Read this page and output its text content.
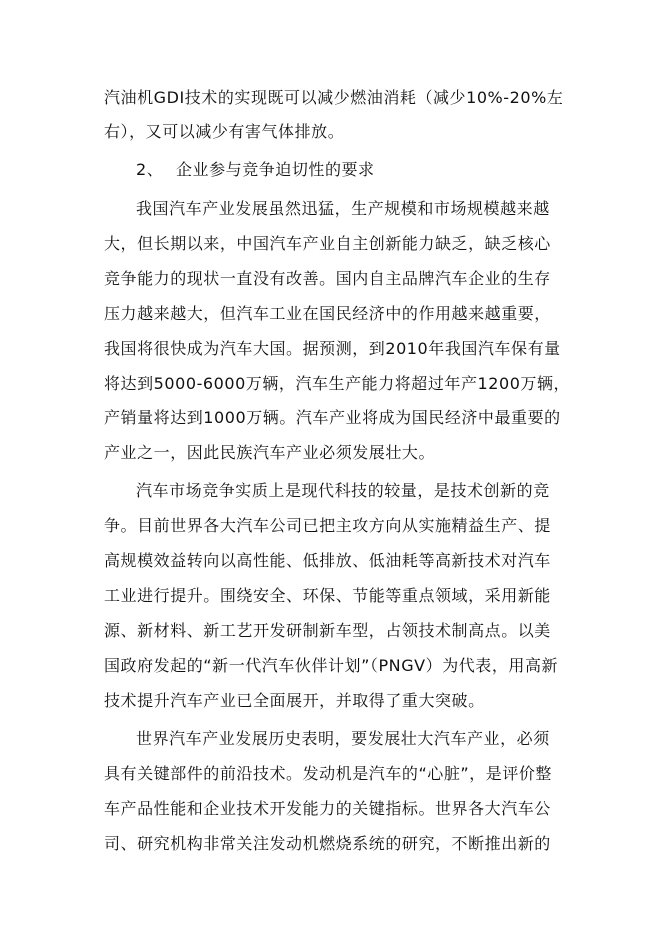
汽油机GDI技术的实现既可以减少燃油消耗（减少10%-20%左
右），又可以减少有害气体排放。
2、 企业参与竞争迫切性的要求
我国汽车产业发展虽然迅猛，生产规模和市场规模越来越
大，但长期以来，中国汽车产业自主创新能力缺乏，缺乏核心
竞争能力的现状一直没有改善。国内自主品牌汽车企业的生存
压力越来越大，但汽车工业在国民经济中的作用越来越重要，
我国将很快成为汽车大国。据预测，到2010年我国汽车保有量
将达到5000-6000万辆，汽车生产能力将超过年产1200万辆，
产销量将达到1000万辆。汽车产业将成为国民经济中最重要的
产业之一，因此民族汽车产业必须发展壮大。
汽车市场竞争实质上是现代科技的较量，是技术创新的竞
争。目前世界各大汽车公司已把主攻方向从实施精益生产、提
高规模效益转向以高性能、低排放、低油耗等高新技术对汽车
工业进行提升。围绕安全、环保、节能等重点领域，采用新能
源、新材料、新工艺开发研制新车型，占领技术制高点。以美
国政府发起的“新一代汽车伙伴计划”（PNGV）为代表，用高新
技术提升汽车产业已全面展开，并取得了重大突破。
世界汽车产业发展历史表明，要发展壮大汽车产业，必须
具有关键部件的前沿技术。发动机是汽车的“心脏”，是评价整
车产品性能和企业技术开发能力的关键指标。世界各大汽车公
司、研究机构非常关注发动机燃烧系统的研究，不断推出新的
